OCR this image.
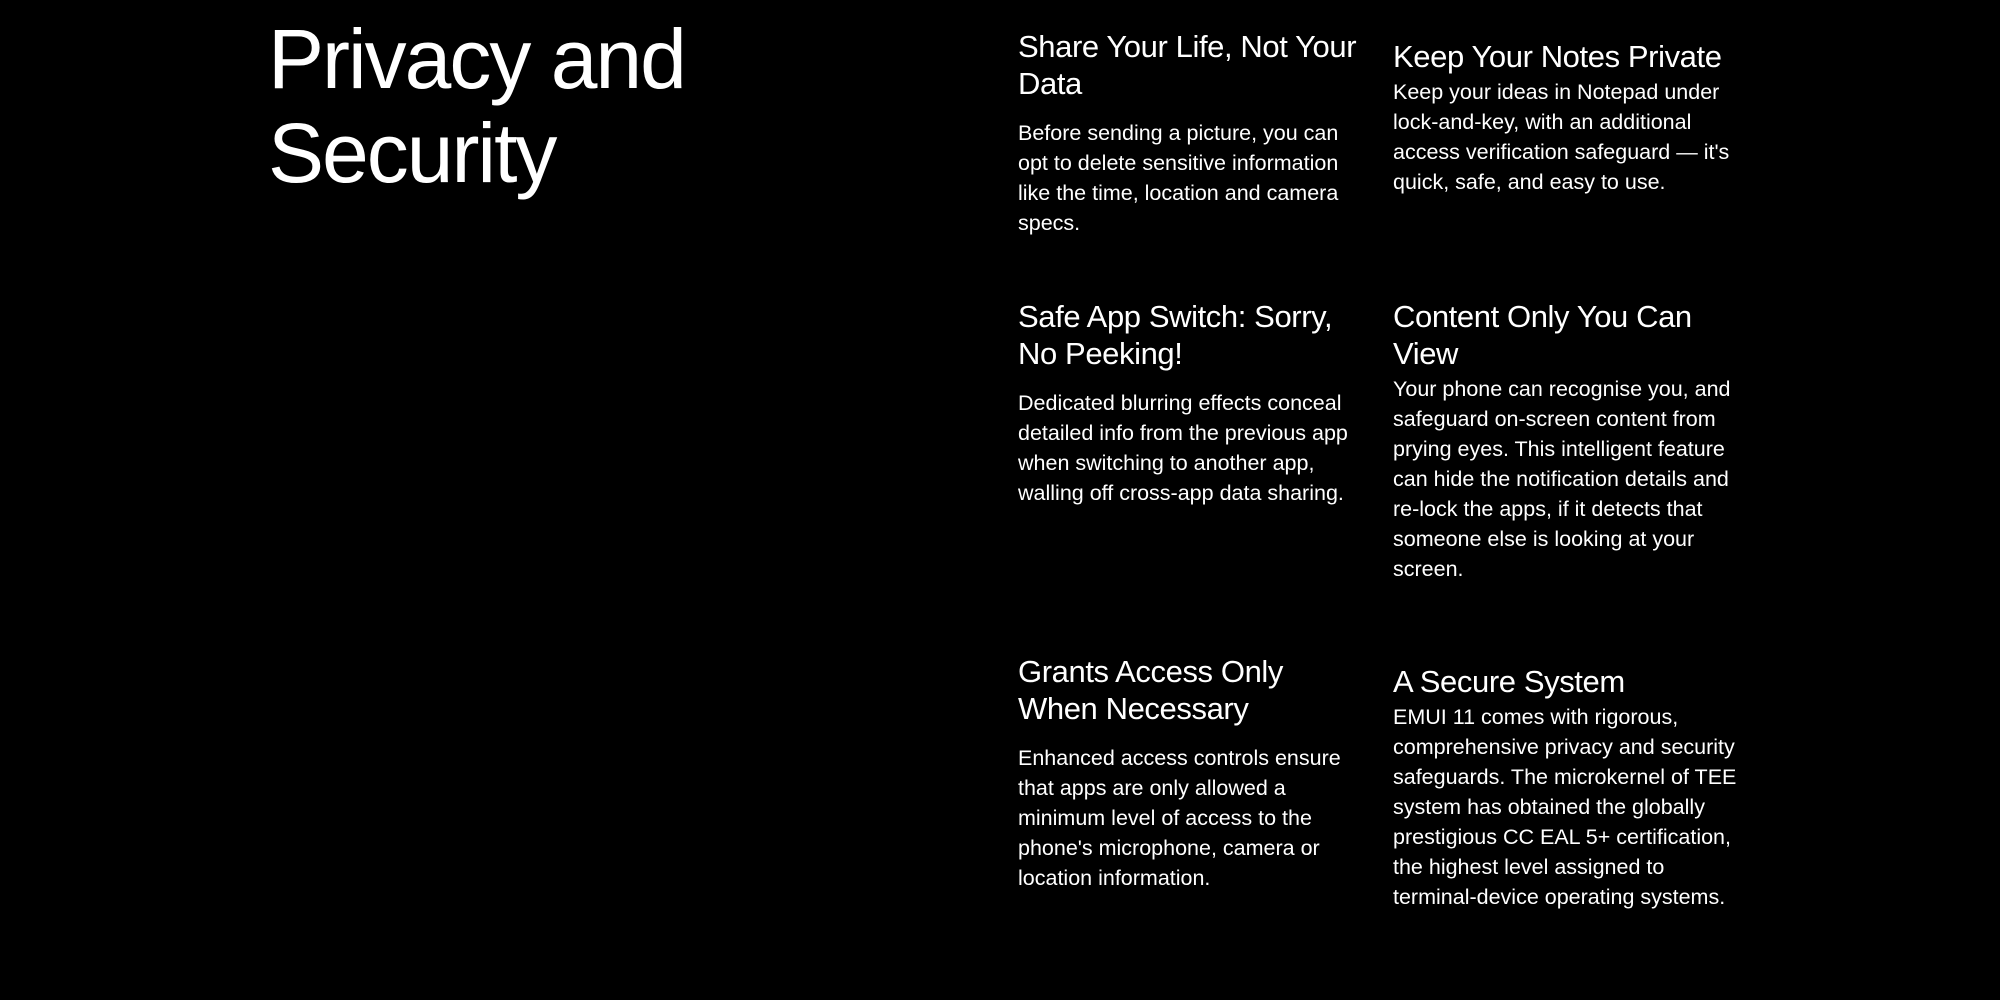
Privacy and Security
Share Your Life, Not Your Data

Before sending a picture, you can opt to delete sensitive information like the time, location and camera specs.

Keep Your Notes Private

Keep your ideas in Notepad under lock-and-key, with an additional access verification safeguard — it's quick, safe, and easy to use.

Safe App Switch: Sorry, No Peeking!

Dedicated blurring effects conceal detailed info from the previous app when switching to another app, walling off cross-app data sharing.

Content Only You Can View

Your phone can recognise you, and safeguard on-screen content from prying eyes. This intelligent feature can hide the notification details and re-lock the apps, if it detects that someone else is looking at your screen.

Grants Access Only When Necessary

Enhanced access controls ensure that apps are only allowed a minimum level of access to the phone's microphone, camera or location information.

A Secure System

EMUI 11 comes with rigorous, comprehensive privacy and security safeguards. The microkernel of TEE system has obtained the globally prestigious CC EAL 5+ certification, the highest level assigned to terminal-device operating systems.
